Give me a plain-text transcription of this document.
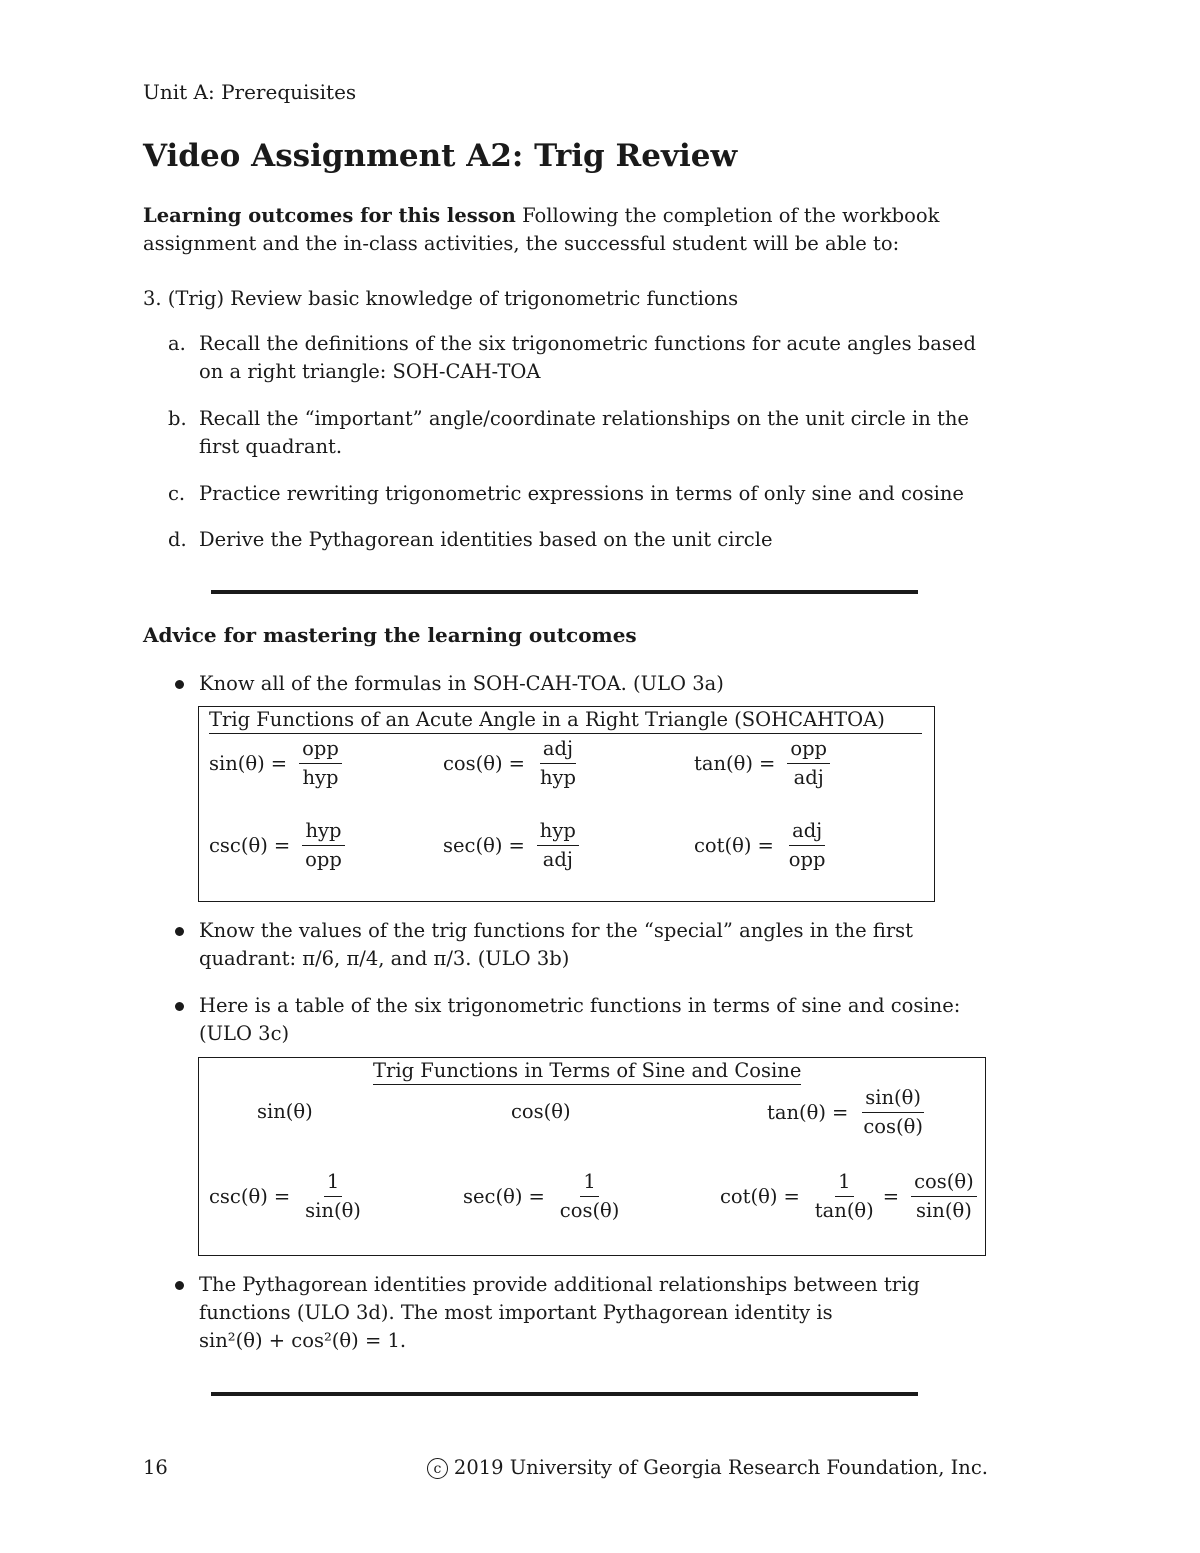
Unit A: Prerequisites
Video Assignment A2: Trig Review
Learning outcomes for this lesson Following the completion of the workbook assignment and the in-class activities, the successful student will be able to:
3. (Trig) Review basic knowledge of trigonometric functions
a. Recall the definitions of the six trigonometric functions for acute angles based on a right triangle: SOH-CAH-TOA
b. Recall the “important” angle/coordinate relationships on the unit circle in the first quadrant.
c. Practice rewriting trigonometric expressions in terms of only sine and cosine
d. Derive the Pythagorean identities based on the unit circle
Advice for mastering the learning outcomes
Know all of the formulas in SOH-CAH-TOA. (ULO 3a)
Trig Functions of an Acute Angle in a Right Triangle (SOHCAHTOA)
$\sin(\theta) = \frac{\text{opp}}{\text{hyp}}$	$\cos(\theta) = \frac{\text{adj}}{\text{hyp}}$	$\tan(\theta) = \frac{\text{opp}}{\text{adj}}$
$\csc(\theta) = \frac{\text{hyp}}{\text{opp}}$	$\sec(\theta) = \frac{\text{hyp}}{\text{adj}}$	$\cot(\theta) = \frac{\text{adj}}{\text{opp}}$
Know the values of the trig functions for the “special” angles in the first quadrant: π/6, π/4, and π/3. (ULO 3b)
Here is a table of the six trigonometric functions in terms of sine and cosine: (ULO 3c)
Trig Functions in Terms of Sine and Cosine
sin(θ)	cos(θ)	$\tan(\theta) = \frac{\sin(\theta)}{\cos(\theta)}$
$\csc(\theta) = \frac{1}{\sin(\theta)}$	$\sec(\theta) = \frac{1}{\cos(\theta)}$	$\cot(\theta) = \frac{1}{\tan(\theta)} = \frac{\cos(\theta)}{\sin(\theta)}$
The Pythagorean identities provide additional relationships between trig functions (ULO 3d). The most important Pythagorean identity is
sin²(θ) + cos²(θ) = 1.
16	c 2019 University of Georgia Research Foundation, Inc.
